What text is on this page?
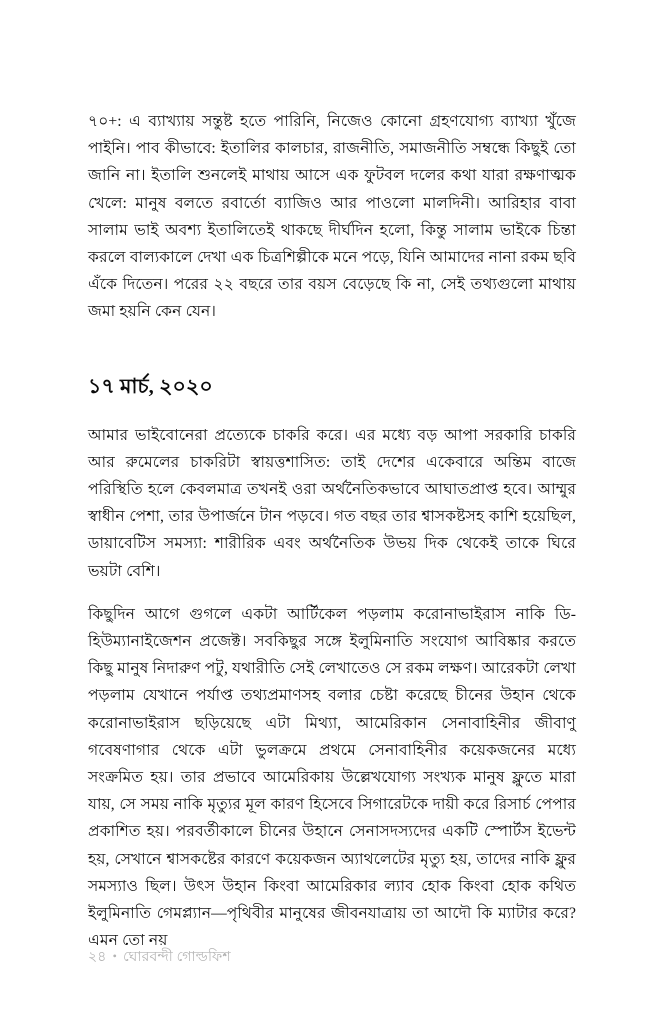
৭০+: এ ব্যাখ্যায় সন্তুষ্ট হতে পারিনি, নিজেও কোনো গ্রহণযোগ্য ব্যাখ্যা খুঁজে পাইনি। পাব কীভাবে: ইতালির কালচার, রাজনীতি, সমাজনীতি সম্বন্ধে কিছুই তো জানি না। ইতালি শুনলেই মাথায় আসে এক ফুটবল দলের কথা যারা রক্ষণাত্মক খেলে: মানুষ বলতে রবার্তো ব্যাজিও আর পাওলো মালদিনী। আরিহার বাবা সালাম ভাই অবশ্য ইতালিতেই থাকছে দীর্ঘদিন হলো, কিন্তু সালাম ভাইকে চিন্তা করলে বাল্যকালে দেখা এক চিত্রশিল্পীকে মনে পড়ে, যিনি আমাদের নানা রকম ছবি এঁকে দিতেন। পরের ২২ বছরে তার বয়স বেড়েছে কি না, সেই তথ্যগুলো মাথায় জমা হয়নি কেন যেন।

১৭ মার্চ, ২০২০

আমার ভাইবোনেরা প্রত্যেকে চাকরি করে। এর মধ্যে বড় আপা সরকারি চাকরি আর রুমেলের চাকরিটা স্বায়ত্তশাসিত: তাই দেশের একেবারে অন্তিম বাজে পরিস্থিতি হলে কেবলমাত্র তখনই ওরা অর্থনৈতিকভাবে আঘাতপ্রাপ্ত হবে। আম্মুর স্বাধীন পেশা, তার উপার্জনে টান পড়বে। গত বছর তার শ্বাসকষ্টসহ কাশি হয়েছিল, ডায়াবেটিস সমস্যা: শারীরিক এবং অর্থনৈতিক উভয় দিক থেকেই তাকে ঘিরে ভয়টা বেশি।

কিছুদিন আগে গুগলে একটা আর্টিকেল পড়লাম করোনাভাইরাস নাকি ডি-হিউম্যানাইজেশন প্রজেক্ট। সবকিছুর সঙ্গে ইলুমিনাতি সংযোগ আবিষ্কার করতে কিছু মানুষ নিদারুণ পটু, যথারীতি সেই লেখাতেও সে রকম লক্ষণ। আরেকটা লেখা পড়লাম যেখানে পর্যাপ্ত তথ্যপ্রমাণসহ বলার চেষ্টা করেছে চীনের উহান থেকে করোনাভাইরাস ছড়িয়েছে এটা মিথ্যা, আমেরিকান সেনাবাহিনীর জীবাণু গবেষণাগার থেকে এটা ভুলক্রমে প্রথমে সেনাবাহিনীর কয়েকজনের মধ্যে সংক্রমিত হয়। তার প্রভাবে আমেরিকায় উল্লেখযোগ্য সংখ্যক মানুষ ফ্লুতে মারা যায়, সে সময় নাকি মৃত্যুর মূল কারণ হিসেবে সিগারেটকে দায়ী করে রিসার্চ পেপার প্রকাশিত হয়। পরবর্তীকালে চীনের উহানে সেনাসদস্যদের একটি স্পোর্টস ইভেন্ট হয়, সেখানে শ্বাসকষ্টের কারণে কয়েকজন অ্যাথলেটের মৃত্যু হয়, তাদের নাকি ফ্লুর সমস্যাও ছিল। উৎস উহান কিংবা আমেরিকার ল্যাব হোক কিংবা হোক কথিত ইলুমিনাতি গেমপ্ল্যান—পৃথিবীর মানুষের জীবনযাত্রায় তা আদৌ কি ম্যাটার করে? এমন তো নয়

২৪ • ঘোরবন্দী গোল্ডফিশ
